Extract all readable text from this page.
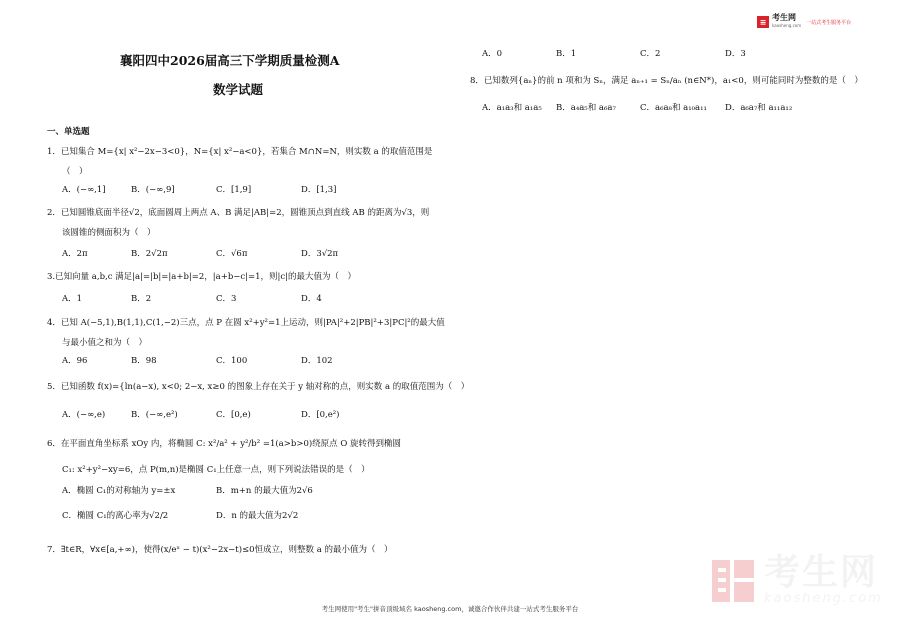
≡ 考生网
kaosheng.com 一站式考生服务平台
襄阳四中2026届高三下学期质量检测A
数学试题
一、单选题
1．已知集合 M={x| x²−2x−3<0}，N={x| x²−a<0}，若集合 M∩N=N，则实数 a 的取值范围是
（　）
A．(−∞,1]	B．(−∞,9]	C．[1,9]	D．[1,3]
2．已知圆锥底面半径√2，底面圆周上两点 A、B 满足|AB|=2，圆锥顶点到直线 AB 的距离为√3，则
该圆锥的侧面积为（　）
A．2π	B．2√2π	C．√6π	D．3√2π
3.已知向量 a,b,c 满足|a|=|b|=|a+b|=2，|a+b−c|=1，则|c|的最大值为（　）
A．1	B．2	C．3	D．4
4．已知 A(−5,1),B(1,1),C(1,−2)三点，点 P 在圆 x²+y²=1上运动，则|PA|²+2|PB|²+3|PC|²的最大值
与最小值之和为（　）
A．96	B．98	C．100	D．102
5．已知函数 f(x)={ln(a−x), x<0; 2−x, x≥0 的图象上存在关于 y 轴对称的点，则实数 a 的取值范围为（　）
A．(−∞,e)	B．(−∞,e²)	C．[0,e)	D．[0,e²)
6．在平面直角坐标系 xOy 内，将椭圆 C: x²/a² + y²/b² =1(a>b>0)绕原点 O 旋转得到椭圆
C₁: x²+y²−xy=6，点 P(m,n)是椭圆 C₁上任意一点，则下列说法错误的是（　）
A．椭圆 C₁的对称轴为 y=±x	B．m+n 的最大值为2√6
C．椭圆 C₁的离心率为√2/2	D．n 的最大值为2√2
7．∃t∈R，∀x∈[a,+∞)，使得(x/eˣ − t)(x²−2x−t)≤0恒成立，则整数 a 的最小值为（　）
A．0	B．1	C．2	D．3
8．已知数列{aₙ}的前 n 项和为 Sₙ，满足 aₙ₊₁ = Sₙ/aₙ (n∈N*)，a₁<0，则可能同时为整数的是（　）
A．a₁a₃和 a₁a₅ B．a₄a₅和 a₆a₇	C．a₆a₈和 a₁₀a₁₁ D．a₆a₇和 a₁₁a₁₂
考生网
kaosheng.com
考生网使用"考生"拼音顶级域名 kaosheng.com，诚邀合作伙伴共建一站式考生服务平台
